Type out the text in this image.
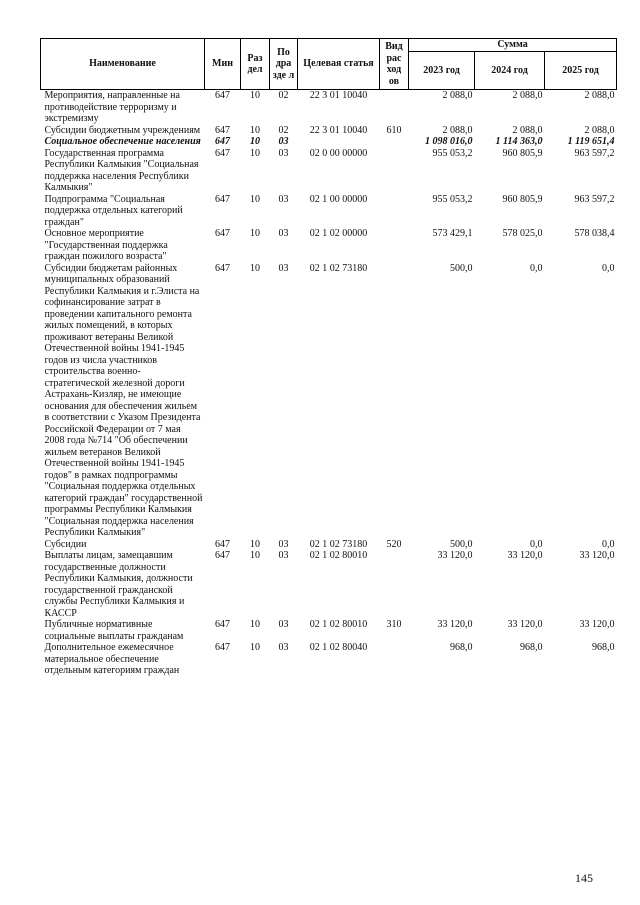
Наименование	Мин	Раз дел	По дра зде л	Целевая статья	Вид рас ход ов	Сумма		
						2023 год	2024 год	2025 год
Мероприятия, направленные на противодействие терроризму и экстремизму	647	10	02	22 3 01 10040		2 088,0	2 088,0	2 088,0
Субсидии бюджетным учреждениям	647	10	02	22 3 01 10040	610	2 088,0	2 088,0	2 088,0
Социальное обеспечение населения	647	10	03			1 098 016,0	1 114 363,0	1 119 651,4
Государственная программа Республики Калмыкия "Социальная поддержка населения Республики Калмыкия"	647	10	03	02 0 00 00000		955 053,2	960 805,9	963 597,2
Подпрограмма "Социальная поддержка отдельных категорий граждан"	647	10	03	02 1 00 00000		955 053,2	960 805,9	963 597,2
Основное мероприятие "Государственная поддержка граждан пожилого возраста"	647	10	03	02 1 02 00000		573 429,1	578 025,0	578 038,4
Субсидии бюджетам районных муниципальных образований Республики Калмыкия и г.Элиста на софинансирование затрат в проведении капитального ремонта жилых помещений, в которых проживают ветераны Великой Отечественной войны 1941-1945 годов из числа участников строительства военно-стратегической железной дороги Астрахань-Кизляр, не имеющие основания для обеспечения жильем в соответствии с Указом Президента Российской Федерации от 7 мая 2008 года №714 "Об обеспечении жильем ветеранов Великой Отечественной войны 1941-1945 годов" в рамках подпрограммы "Социальная поддержка отдельных категорий граждан" государственной программы Республики Калмыкия "Социальная поддержка населения Республики Калмыкия"	647	10	03	02 1 02 73180		500,0	0,0	0,0
Субсидии	647	10	03	02 1 02 73180	520	500,0	0,0	0,0
Выплаты лицам, замещавшим государственные должности Республики Калмыкия, должности государственной гражданской службы Республики Калмыкия и КАССР	647	10	03	02 1 02 80010		33 120,0	33 120,0	33 120,0
Публичные нормативные социальные выплаты гражданам	647	10	03	02 1 02 80010	310	33 120,0	33 120,0	33 120,0
Дополнительное ежемесячное материальное обеспечение отдельным категориям граждан	647	10	03	02 1 02 80040		968,0	968,0	968,0
145
